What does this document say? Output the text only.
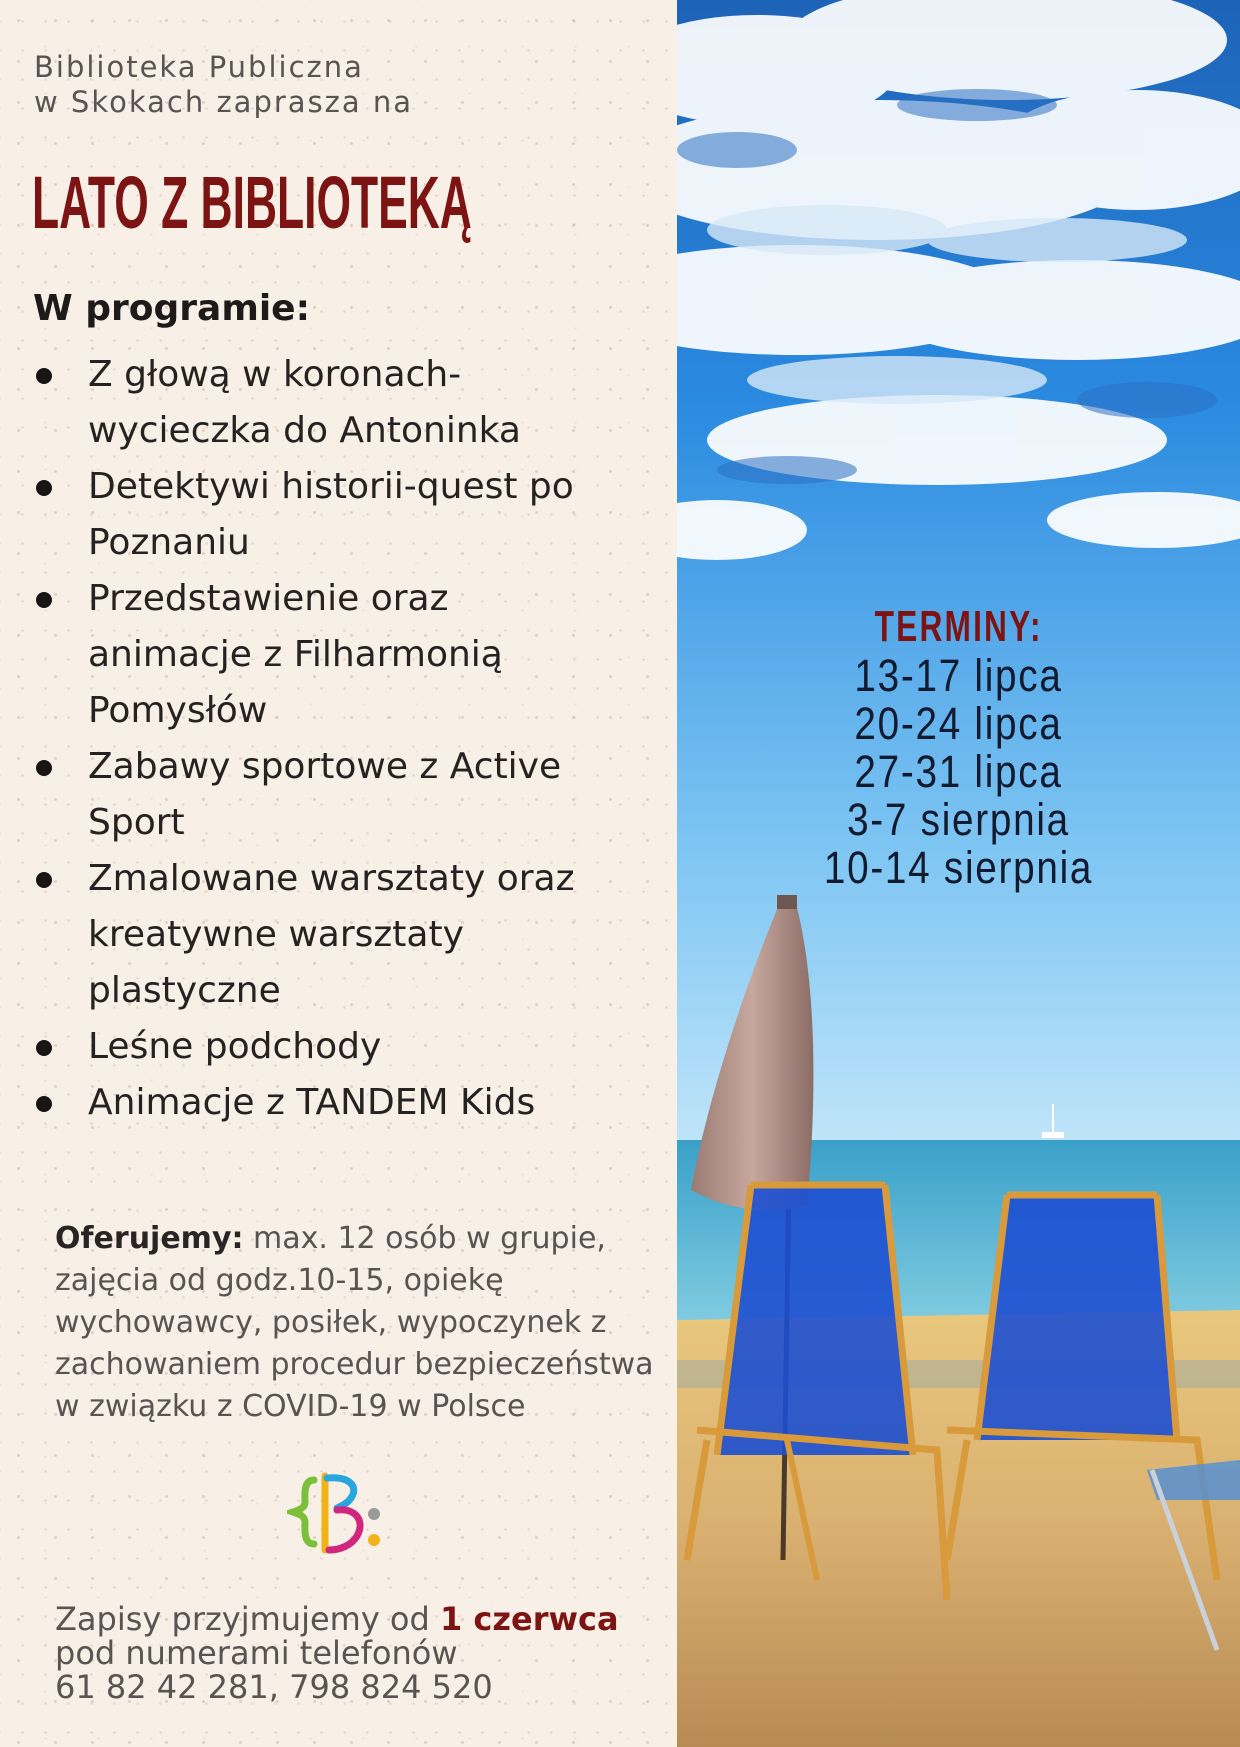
Biblioteka Publiczna
w Skokach zaprasza na

LATO Z BIBLIOTEKĄ
W programie:
Z głową w koronach-
wycieczka do Antoninka
Detektywi historii-quest po
Poznaniu
Przedstawienie oraz
animacje z Filharmonią
Pomysłów
Zabawy sportowe z Active
Sport
Zmalowane warsztaty oraz
kreatywne warsztaty
plastyczne
Leśne podchody
Animacje z TANDEM Kids

Oferujemy: max. 12 osób w grupie, zajęcia od godz.10-15, opiekę wychowawcy, posiłek, wypoczynek z zachowaniem procedur bezpieczeństwa w związku z COVID-19 w Polsce

Zapisy przyjmujemy od 1 czerwca
pod numerami telefonów
61 82 42 281, 798 824 520

TERMINY:
13-17 lipca
20-24 lipca
27-31 lipca
3-7 sierpnia
10-14 sierpnia
